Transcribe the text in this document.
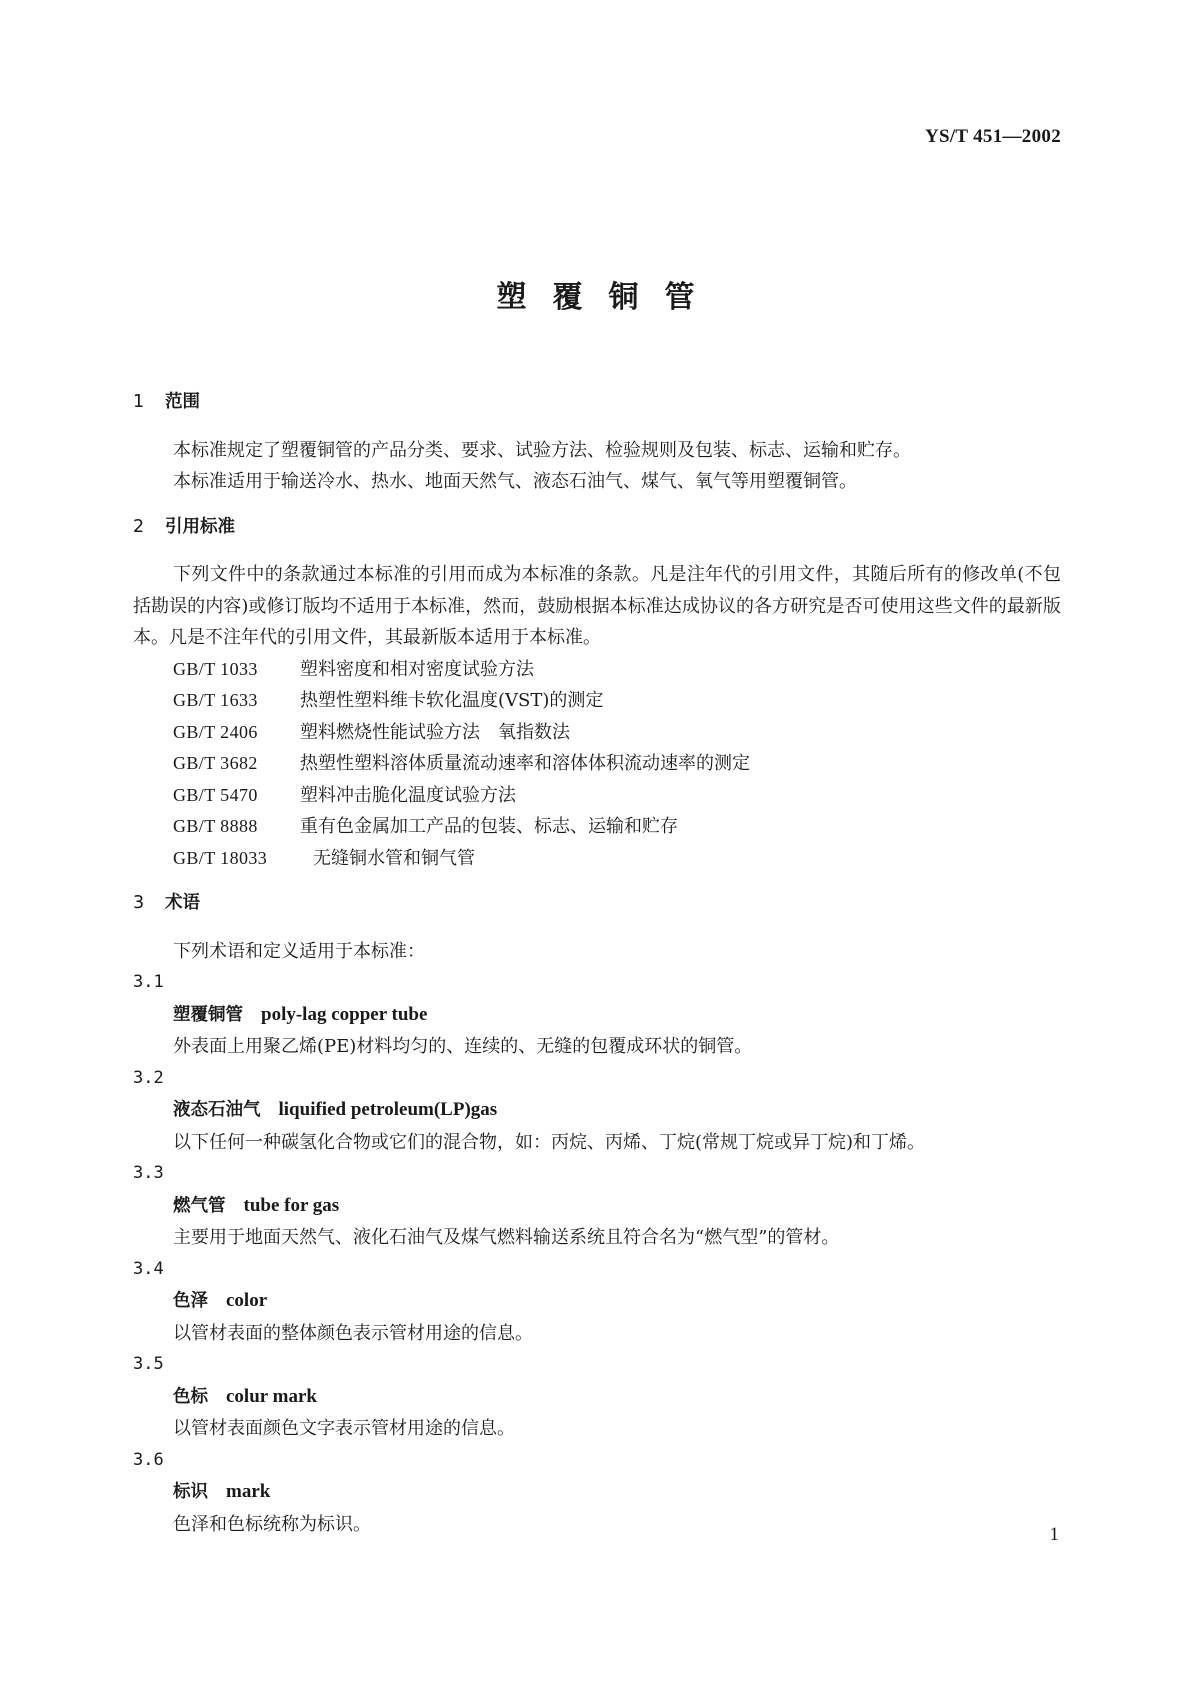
YS/T 451—2002
塑覆铜管
1 范围
本标准规定了塑覆铜管的产品分类、要求、试验方法、检验规则及包装、标志、运输和贮存。
本标准适用于输送冷水、热水、地面天然气、液态石油气、煤气、氧气等用塑覆铜管。
2 引用标准
下列文件中的条款通过本标准的引用而成为本标准的条款。凡是注年代的引用文件，其随后所有的修改单(不包括勘误的内容)或修订版均不适用于本标准，然而，鼓励根据本标准达成协议的各方研究是否可使用这些文件的最新版本。凡是不注年代的引用文件，其最新版本适用于本标准。
GB/T 1033 塑料密度和相对密度试验方法
GB/T 1633 热塑性塑料维卡软化温度(VST)的测定
GB/T 2406 塑料燃烧性能试验方法　氧指数法
GB/T 3682 热塑性塑料溶体质量流动速率和溶体体积流动速率的测定
GB/T 5470 塑料冲击脆化温度试验方法
GB/T 8888 重有色金属加工产品的包装、标志、运输和贮存
GB/T 18033	无缝铜水管和铜气管
3 术语
下列术语和定义适用于本标准：
3.1
塑覆铜管 poly-lag copper tube
外表面上用聚乙烯(PE)材料均匀的、连续的、无缝的包覆成环状的铜管。
3.2
液态石油气 liquified petroleum(LP)gas
以下任何一种碳氢化合物或它们的混合物，如：丙烷、丙烯、丁烷(常规丁烷或异丁烷)和丁烯。
3.3
燃气管 tube for gas
主要用于地面天然气、液化石油气及煤气燃料输送系统且符合名为“燃气型”的管材。
3.4
色泽 color
以管材表面的整体颜色表示管材用途的信息。
3.5
色标 colur mark
以管材表面颜色文字表示管材用途的信息。
3.6
标识 mark
色泽和色标统称为标识。	1
